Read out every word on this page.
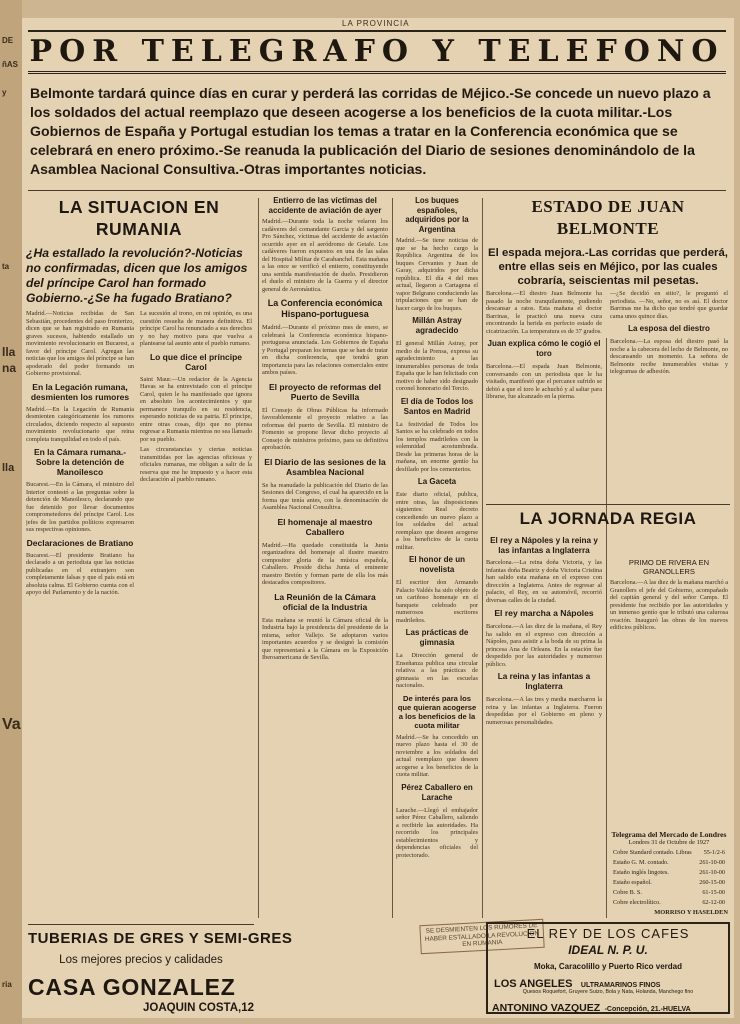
DE
ñAS
y
ta
lla
na
lla
Va
ria
LA PROVINCIA
POR TELEGRAFO Y TELEFONO
Belmonte tardará quince días en curar y perderá las corridas de Méjico.-Se concede un nuevo plazo a los soldados del actual reemplazo que deseen acogerse a los beneficios de la cuota militar.-Los Gobiernos de España y Portugal estudian los temas a tratar en la Conferencia económica que se celebrará en enero próximo.-Se reanuda la publicación del Diario de sesiones denominándolo de la Asamblea Nacional Consultiva.-Otras importantes noticias.
LA SITUACION EN RUMANIA
¿Ha estallado la revolución?-Noticias no confirmadas, dicen que los amigos del príncipe Carol han formado Gobierno.-¿Se ha fugado Bratiano?
Madrid.—Noticias recibidas de San Sebastián, procedentes del paso fronterizo, dicen que se han registrado en Rumania graves sucesos, habiendo estallado un movimiento revolucionario en Bucarest, a favor del príncipe Carol. Agregan las noticias que los amigos del príncipe se han apoderado del poder formando un Gobierno provisional.
En la Legación rumana, desmienten los rumores
Madrid.—En la Legación de Rumania desmienten categóricamente los rumores circulados, diciendo respecto al supuesto movimiento revolucionario que reina completa tranquilidad en todo el país.
En la Cámara rumana.-Sobre la detención de Manoilesco
Bucarest.—En la Cámara, el ministro del Interior contestó a las preguntas sobre la detención de Manoilesco, declarando que fue detenido por llevar documentos comprometedores del príncipe Carol. Los jefes de los partidos políticos expresaron sus respectivas opiniones.
Declaraciones de Bratiano
Bucarest.—El presidente Bratiano ha declarado a un periodista que las noticias publicadas en el extranjero son completamente falsas y que el país está en absoluta calma. El Gobierno cuenta con el apoyo del Parlamento y de la nación.
La sucesión al trono, en mi opinión, es una cuestión resuelta de manera definitiva. El príncipe Carol ha renunciado a sus derechos y no hay motivo para que vuelva a plantearse tal asunto ante el pueblo rumano.
Lo que dice el príncipe Carol
Saint Maur.—Un redactor de la Agencia Havas se ha entrevistado con el príncipe Carol, quien le ha manifestado que ignora en absoluto los acontecimientos y que permanece tranquilo en su residencia, esperando noticias de su patria. El príncipe, entre otras cosas, dijo que no piensa regresar a Rumania mientras no sea llamado por su pueblo.
Las circunstancias y ciertas noticias transmitidas por las agencias oficiosas y oficiales rumanas, me obligan a salir de la reserva que me he impuesto y a hacer esta declaración al pueblo rumano.
Entierro de las víctimas del accidente de aviación de ayer
Madrid.—Durante toda la noche velaron los cadáveres del comandante Garcia y del sargento Pro Sánchez, víctimas del accidente de aviación ocurrido ayer en el aeródromo de Getafe. Los cadáveres fueron expuestos en una de las salas del Hospital Militar de Carabanchel. Esta mañana a las once se verificó el entierro, constituyendo una sentida manifestación de duelo. Presidieron el duelo el ministro de la Guerra y el director general de Aeronáutica.
La Conferencia económica Hispano-portuguesa
Madrid.—Durante el próximo mes de enero, se celebrará la Conferencia económica hispano-portuguesa anunciada. Los Gobiernos de España y Portugal preparan los temas que se han de tratar en dicha conferencia, que tendrá gran importancia para las relaciones comerciales entre ambos países.
El proyecto de reformas del Puerto de Sevilla
El Consejo de Obras Públicas ha informado favorablemente el proyecto relativo a las reformas del puerto de Sevilla. El ministro de Fomento se propone llevar dicho proyecto al Consejo de ministros próximo, para su definitiva aprobación.
El Diario de las sesiones de la Asamblea Nacional
Se ha reanudado la publicación del Diario de las Sesiones del Congreso, el cual ha aparecido en la forma que tenía antes, con la denominación de Asamblea Nacional Consultiva.
El homenaje al maestro Caballero
Madrid.—Ha quedado constituida la Junta organizadora del homenaje al ilustre maestro compositor gloria de la música española, Caballero. Preside dicha Junta el eminente maestro Bretón y forman parte de ella los más destacados compositores.
La Reunión de la Cámara oficial de la Industria
Esta mañana se reunió la Cámara oficial de la Industria bajo la presidencia del presidente de la misma, señor Vallejo. Se adoptaron varios importantes acuerdos y se designó la comisión que representará a la Cámara en la Exposición Iberoamericana de Sevilla.
Los buques españoles, adquiridos por la Argentina
Madrid.—Se tiene noticias de que se ha hecho cargo la República Argentina de los buques Cervantes y Juan de Garay, adquiridos por dicha república. El día 4 del mes actual, llegaron a Cartagena el vapor Belgrano conduciendo las tripulaciones que se han de hacer cargo de los buques.
Millán Astray agradecido
El general Millán Astray, por medio de la Prensa, expresa su agradecimiento a las innumerables personas de toda España que le han felicitado con motivo de haber sido designado coronel honorario del Tercio.
El día de Todos los Santos en Madrid
La festividad de Todos los Santos se ha celebrado en todos los templos madrileños con la solemnidad acostumbrada. Desde las primeras horas de la mañana, un enorme gentío ha desfilado por los cementerios.
La Gaceta
Este diario oficial, publica, entre otras, las disposiciones siguientes: Real decreto concediendo un nuevo plazo a los soldados del actual reemplazo que deseen acogerse a los beneficios de la cuota militar.
El honor de un novelista
El escritor don Armando Palacio Valdés ha sido objeto de un cariñoso homenaje en el banquete celebrado por numerosos escritores madrileños.
Las prácticas de gimnasia
La Dirección general de Enseñanza publica una circular relativa a las prácticas de gimnasia en las escuelas nacionales.
De interés para los que quieran acogerse a los beneficios de la cuota militar
Madrid.—Se ha concedido un nuevo plazo hasta el 30 de noviembre a los soldados del actual reemplazo que deseen acogerse a los beneficios de la cuota militar.
Pérez Caballero en Larache
Larache.—Llegó el embajador señor Pérez Caballero, saliendo a recibirle las autoridades. Ha recorrido los principales establecimientos y dependencias oficiales del protectorado.
ESTADO DE JUAN BELMONTE
El espada mejora.-Las corridas que perderá, entre ellas seis en Méjico, por las cuales cobraría, seiscientas mil pesetas.
Barcelona.—El diestro Juan Belmonte ha pasado la noche tranquilamente, pudiendo descansar a ratos. Esta mañana el doctor Barrinas, le practicó una nueva cura encontrando la herida en perfecto estado de cicatrización. La temperatura es de 37 grados.
Juan explica cómo le cogió el toro
Barcelona.—El espada Juan Belmonte, conversando con un periodista que le ha visitado, manifestó que el percance sufrido se debió a que el toro le achuchó y al saltar para librarse, fue alcanzado en la pierna.
—¿Se decidió en sitio?, le preguntó el periodista. —No, señor, no es así. El doctor Barrinas me ha dicho que tendré que guardar cama unos quince días.
La esposa del diestro
Barcelona.—La esposa del diestro pasó la noche a la cabecera del lecho de Belmonte, no descansando un momento. La señora de Belmonte recibe innumerables visitas y telegramas de adhesión.
LA JORNADA REGIA
El rey a Nápoles y la reina y las infantas a Inglaterra
Barcelona.—La reina doña Victoria, y las infantas doña Beatriz y doña Victoria Cristina han salido esta mañana en el expreso con dirección a Inglaterra. Antes de regresar al palacio, el Rey, en su automóvil, recorrió diversas calles de la ciudad.
El rey marcha a Nápoles
Barcelona.—A las diez de la mañana, el Rey ha salido en el expreso con dirección a Nápoles, para asistir a la boda de su prima la princesa Ana de Orleans. En la estación fue despedido por las autoridades y numeroso público.
La reina y las infantas a Inglaterra
Barcelona.—A las tres y media marcharon la reina y las infantas a Inglaterra. Fueron despedidas por el Gobierno en pleno y numerosas personalidades.
PRIMO DE RIVERA EN GRANOLLERS
Barcelona.—A las diez de la mañana marchó a Granollers el jefe del Gobierno, acompañado del capitán general y del señor Camps. El presidente fue recibido por las autoridades y un inmenso gentío que le tributó una calurosa ovación. Inauguró las obras de los nuevos edificios públicos.
Telegrama del Mercado de Londres
Londres 31 de Octubre de 1927
Cobre Standard contado. Libras	55-1/2-6
Estaño G. M. contado.	261-10-00
Estaño inglés lingotes.	261-10-00
Estaño español.	260-15-00
Cobre B. S.	61-15-00
Cobre electrolítico.	62-12-00
MORRISO Y HASELDEN
SE DESMIENTEN LOS RUMORES DE HABER ESTALLADO LA REVOLUCION EN RUMANIA
TUBERIAS DE GRES Y SEMI-GRES
Los mejores precios y calidades
CASA GONZALEZ
JOAQUIN COSTA,12
EL REY DE LOS CAFES
IDEAL N. P. U.
Moka, Caracolillo y Puerto Rico verdad
LOS ANGELES ULTRAMARINOS FINOS
Quesos Roquefort, Gruyere Suizo, Bola y Nata, Holanda, Manchego fino
ANTONINO VAZQUEZ -Concepción, 21.-HUELVA
